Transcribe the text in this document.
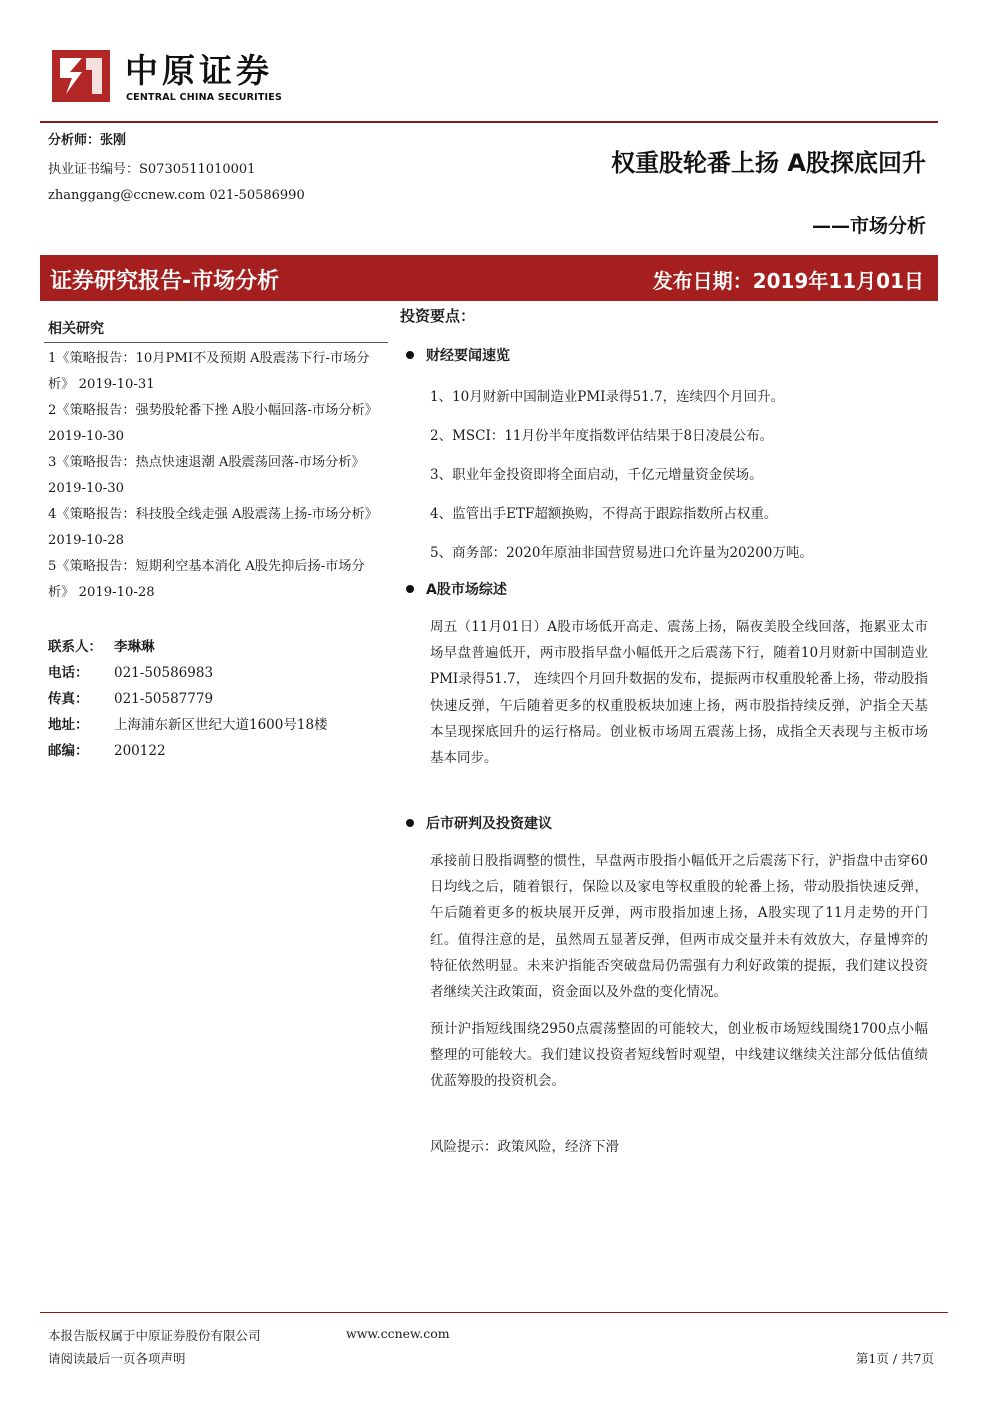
中原证券
CENTRAL CHINA SECURITIES
分析师：张刚
执业证书编号：S0730511010001
zhanggang@ccnew.com 021-50586990
权重股轮番上扬 A股探底回升
——市场分析
证券研究报告-市场分析	发布日期：2019年11月01日
相关研究
1《策略报告：10月PMI不及预期 A股震荡下行-市场分析》 2019-10-31
2《策略报告：强势股轮番下挫 A股小幅回落-市场分析》 2019-10-30
3《策略报告：热点快速退潮 A股震荡回落-市场分析》 2019-10-30
4《策略报告：科技股全线走强 A股震荡上扬-市场分析》 2019-10-28
5《策略报告：短期利空基本消化 A股先抑后扬-市场分析》 2019-10-28
联系人： 李琳琳
电话：	021-50586983
传真：	021-50587779
地址：	上海浦东新区世纪大道1600号18楼
邮编：	200122
投资要点：
财经要闻速览
1、10月财新中国制造业PMI录得51.7，连续四个月回升。
2、MSCI：11月份半年度指数评估结果于8日凌晨公布。
3、职业年金投资即将全面启动，千亿元增量资金侯场。
4、监管出手ETF超额换购，不得高于跟踪指数所占权重。
5、商务部：2020年原油非国营贸易进口允许量为20200万吨。
A股市场综述

周五（11月01日）A股市场低开高走、震荡上扬，隔夜美股全线回落，拖累亚太市场早盘普遍低开，两市股指早盘小幅低开之后震荡下行，随着10月财新中国制造业PMI录得51.7， 连续四个月回升数据的发布，提振两市权重股轮番上扬，带动股指快速反弹，午后随着更多的权重股板块加速上扬，两市股指持续反弹，沪指全天基本呈现探底回升的运行格局。创业板市场周五震荡上扬，成指全天表现与主板市场基本同步。

后市研判及投资建议

承接前日股指调整的惯性，早盘两市股指小幅低开之后震荡下行，沪指盘中击穿60日均线之后，随着银行，保险以及家电等权重股的轮番上扬，带动股指快速反弹，午后随着更多的板块展开反弹，两市股指加速上扬，A股实现了11月走势的开门红。值得注意的是，虽然周五显著反弹，但两市成交量并未有效放大，存量博弈的特征依然明显。未来沪指能否突破盘局仍需强有力利好政策的提振，我们建议投资者继续关注政策面，资金面以及外盘的变化情况。

预计沪指短线围绕2950点震荡整固的可能较大，创业板市场短线围绕1700点小幅整理的可能较大。我们建议投资者短线暂时观望，中线建议继续关注部分低估值绩优蓝筹股的投资机会。

风险提示：政策风险，经济下滑

本报告版权属于中原证券股份有限公司	www.ccnew.com
请阅读最后一页各项声明	第1页 / 共7页
